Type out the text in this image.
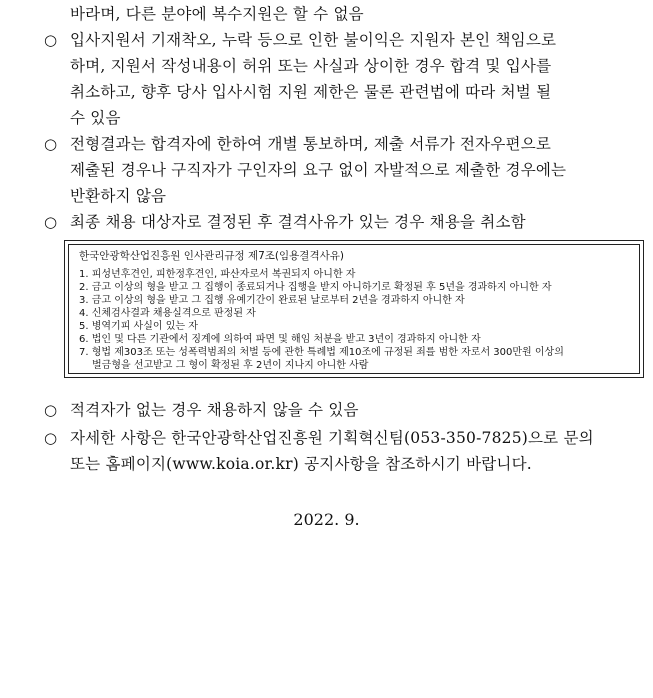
바라며, 다른 분야에 복수지원은 할 수 없음
○ 입사지원서 기재착오, 누락 등으로 인한 불이익은 지원자 본인 책임으로
하며, 지원서 작성내용이 허위 또는 사실과 상이한 경우 합격 및 입사를
취소하고, 향후 당사 입사시험 지원 제한은 물론 관련법에 따라 처벌 될
수 있음
○ 전형결과는 합격자에 한하여 개별 통보하며, 제출 서류가 전자우편으로
제출된 경우나 구직자가 구인자의 요구 없이 자발적으로 제출한 경우에는
반환하지 않음
○ 최종 채용 대상자로 결정된 후 결격사유가 있는 경우 채용을 취소함
한국안광학산업진흥원 인사관리규정 제7조(임용결격사유)
1. 피성년후견인, 피한정후견인, 파산자로서 복권되지 아니한 자
2. 금고 이상의 형을 받고 그 집행이 종료되거나 집행을 받지 아니하기로 확정된 후 5년을 경과하지 아니한 자
3. 금고 이상의 형을 받고 그 집행 유예기간이 완료된 날로부터 2년을 경과하지 아니한 자
4. 신체검사결과 채용실격으로 판정된 자
5. 병역기피 사실이 있는 자
6. 법인 및 다른 기관에서 징계에 의하여 파면 및 해임 처분을 받고 3년이 경과하지 아니한 자
7. 형법 제303조 또는 성폭력범죄의 처벌 등에 관한 특례법 제10조에 규정된 죄를 범한 자로서 300만원 이상의
벌금형을 선고받고 그 형이 확정된 후 2년이 지나지 아니한 사람
○ 적격자가 없는 경우 채용하지 않을 수 있음
○ 자세한 사항은 한국안광학산업진흥원 기획혁신팀(053-350-7825)으로 문의
또는 홈페이지(www.koia.or.kr) 공지사항을 참조하시기 바랍니다.
2022. 9.
